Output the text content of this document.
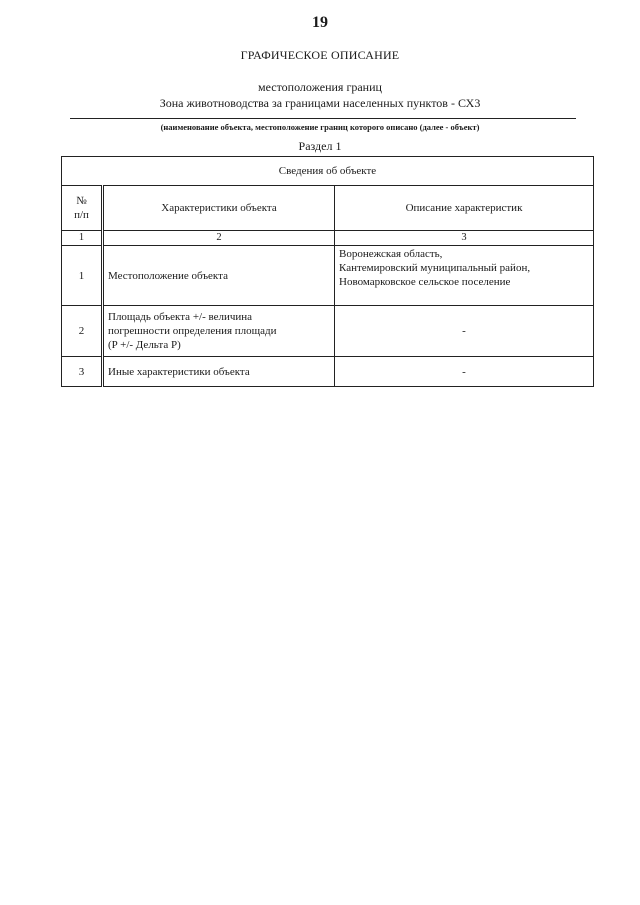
19
ГРАФИЧЕСКОЕ ОПИСАНИЕ
местоположения границ
Зона животноводства за границами населенных пунктов - СХ3
(наименование объекта, местоположение границ которого описано (далее - объект)
Раздел 1
Сведения об объекте		

№
п/п	Характеристики объекта	Описание характеристик
1	2	3
1	Местоположение объекта	Воронежская область,
Кантемировский муниципальный район,
Новомарковское сельское поселение

2	Площадь объекта +/- величина
погрешности определения площади
(P +/- Дельта P)	-
3	Иные характеристики объекта	-
